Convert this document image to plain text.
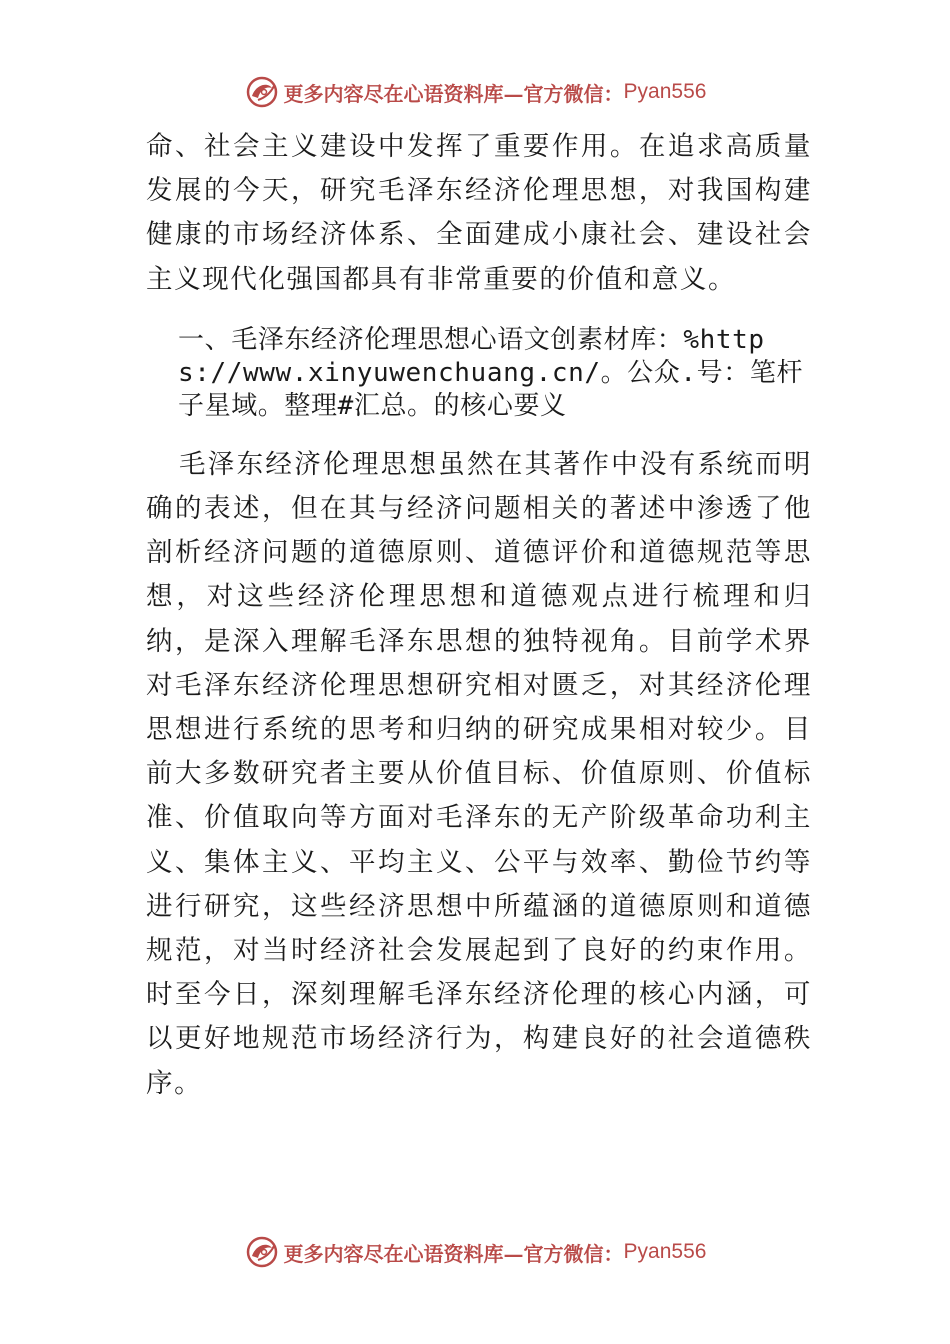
更多内容尽在心语资料库—官方微信： Pyan556

命、社会主义建设中发挥了重要作用。在追求高质量发展的今天，研究毛泽东经济伦理思想，对我国构建健康的市场经济体系、全面建成小康社会、建设社会主义现代化强国都具有非常重要的价值和意义。

一、毛泽东经济伦理思想心语文创素材库：%https://www.xinyuwenchuang.cn/。公众.号：笔杆子星域。整理#汇总。的核心要义

毛泽东经济伦理思想虽然在其著作中没有系统而明确的表述，但在其与经济问题相关的著述中渗透了他剖析经济问题的道德原则、道德评价和道德规范等思想，对这些经济伦理思想和道德观点进行梳理和归纳，是深入理解毛泽东思想的独特视角。目前学术界对毛泽东经济伦理思想研究相对匮乏，对其经济伦理思想进行系统的思考和归纳的研究成果相对较少。目前大多数研究者主要从价值目标、价值原则、价值标准、价值取向等方面对毛泽东的无产阶级革命功利主义、集体主义、平均主义、公平与效率、勤俭节约等进行研究，这些经济思想中所蕴涵的道德原则和道德规范，对当时经济社会发展起到了良好的约束作用。时至今日，深刻理解毛泽东经济伦理的核心内涵，可以更好地规范市场经济行为，构建良好的社会道德秩序。

更多内容尽在心语资料库—官方微信： Pyan556
